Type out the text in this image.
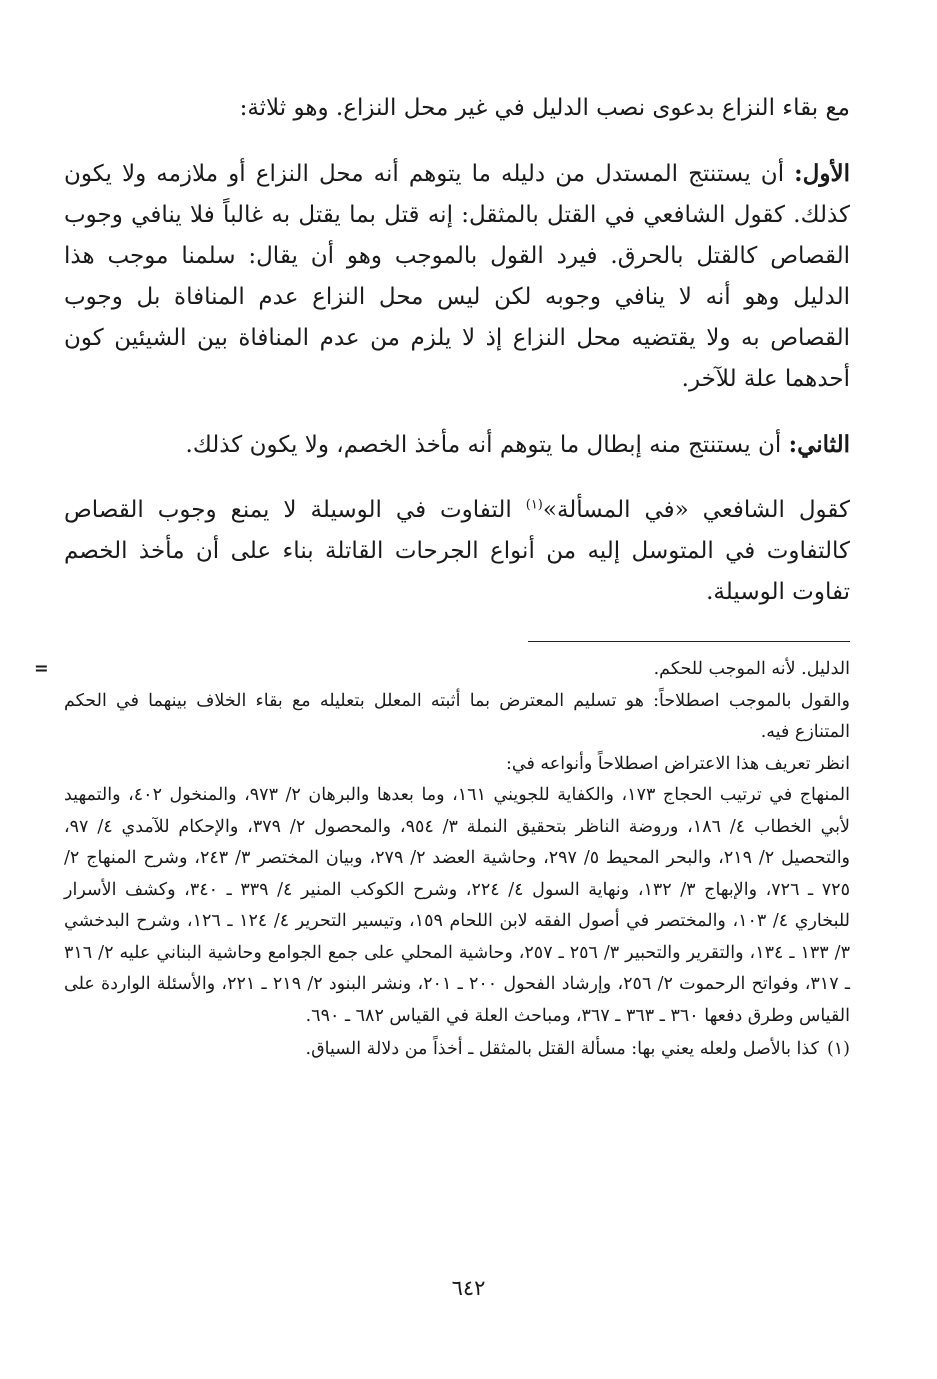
مع بقاء النزاع بدعوى نصب الدليل في غير محل النزاع. وهو ثلاثة:

الأول: أن يستنتج المستدل من دليله ما يتوهم أنه محل النزاع أو ملازمه ولا يكون كذلك. كقول الشافعي في القتل بالمثقل: إنه قتل بما يقتل به غالباً فلا ينافي وجوب القصاص كالقتل بالحرق. فيرد القول بالموجب وهو أن يقال: سلمنا موجب هذا الدليل وهو أنه لا ينافي وجوبه لكن ليس محل النزاع عدم المنافاة بل وجوب القصاص به ولا يقتضيه محل النزاع إذ لا يلزم من عدم المنافاة بين الشيئين كون أحدهما علة للآخر.

الثاني: أن يستنتج منه إبطال ما يتوهم أنه مأخذ الخصم، ولا يكون كذلك.

كقول الشافعي «في المسألة»$^{(١)}$ التفاوت في الوسيلة لا يمنع وجوب القصاص كالتفاوت في المتوسل إليه من أنواع الجرحات القاتلة بناء على أن مأخذ الخصم تفاوت الوسيلة.

الدليل. لأنه الموجب للحكم.
=

والقول بالموجب اصطلاحاً: هو تسليم المعترض بما أثبته المعلل بتعليله مع بقاء الخلاف بينهما في الحكم المتنازع فيه.

انظر تعريف هذا الاعتراض اصطلاحاً وأنواعه في:

المنهاج في ترتيب الحجاج ١٧٣، والكفاية للجويني ١٦١، وما بعدها والبرهان ٢/ ٩٧٣، والمنخول ٤٠٢، والتمهيد لأبي الخطاب ٤/ ١٨٦، وروضة الناظر بتحقيق النملة ٣/ ٩٥٤، والمحصول ٢/ ٣٧٩، والإحكام للآمدي ٤/ ٩٧، والتحصيل ٢/ ٢١٩، والبحر المحيط ٥/ ٢٩٧، وحاشية العضد ٢/ ٢٧٩، وبيان المختصر ٣/ ٢٤٣، وشرح المنهاج ٢/ ٧٢٥ ـ ٧٢٦، والإبهاج ٣/ ١٣٢، ونهاية السول ٤/ ٢٢٤، وشرح الكوكب المنير ٤/ ٣٣٩ ـ ٣٤٠، وكشف الأسرار للبخاري ٤/ ١٠٣، والمختصر في أصول الفقه لابن اللحام ١٥٩، وتيسير التحرير ٤/ ١٢٤ ـ ١٢٦، وشرح البدخشي ٣/ ١٣٣ ـ ١٣٤، والتقرير والتحبير ٣/ ٢٥٦ ـ ٢٥٧، وحاشية المحلي على جمع الجوامع وحاشية البناني عليه ٢/ ٣١٦ ـ ٣١٧، وفواتح الرحموت ٢/ ٢٥٦، وإرشاد الفحول ٢٠٠ ـ ٢٠١، ونشر البنود ٢/ ٢١٩ ـ ٢٢١، والأسئلة الواردة على القياس وطرق دفعها ٣٦٠ ـ ٣٦٣ ـ ٣٦٧، ومباحث العلة في القياس ٦٨٢ ـ ٦٩٠.

(١)
كذا بالأصل ولعله يعني بها: مسألة القتل بالمثقل ـ أخذاً من دلالة السياق.
٦٤٢
